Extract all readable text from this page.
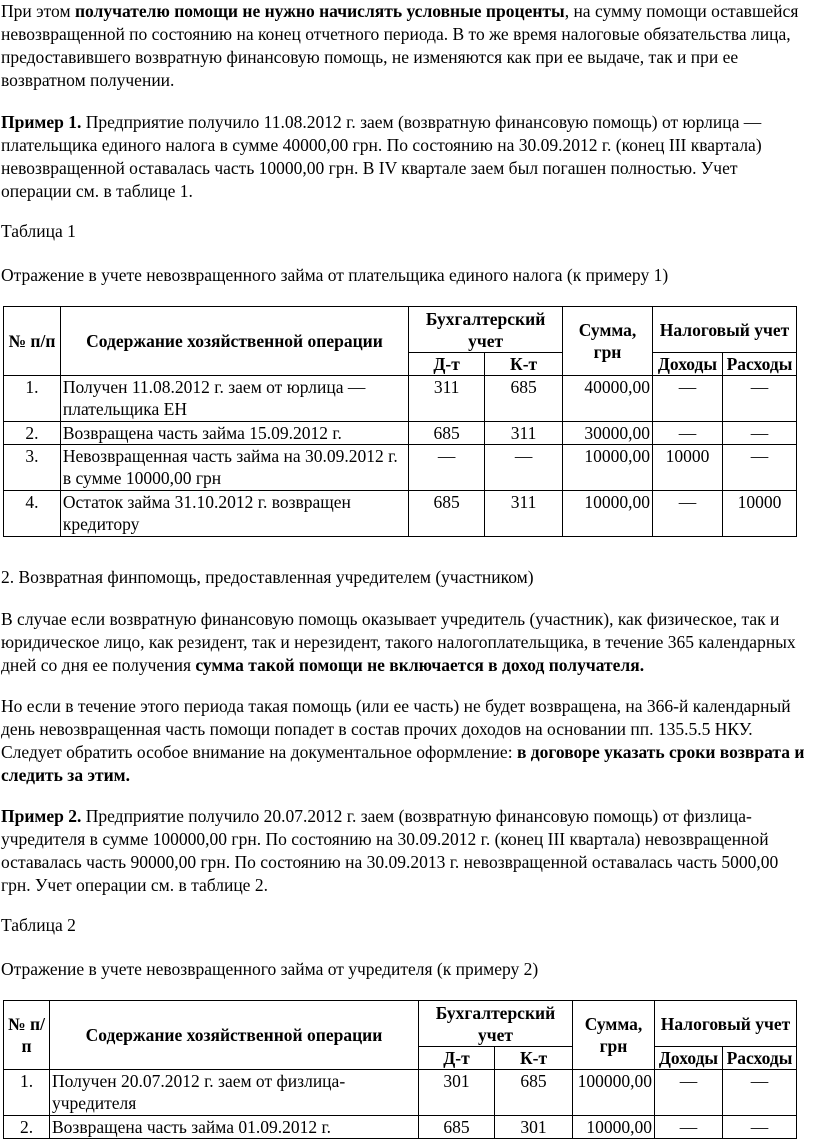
При этом получателю помощи не нужно начислять условные проценты, на сумму помощи оставшейся невозвращенной по состоянию на конец отчетного периода. В то же время налоговые обязательства лица, предоставившего возвратную финансовую помощь, не изменяются как при ее выдаче, так и при ее возвратном получении.

Пример 1. Предприятие получило 11.08.2012 г. заем (возвратную финансовую помощь) от юрлица — плательщика единого налога в сумме 40000,00 грн. По состоянию на 30.09.2012 г. (конец III квартала) невозвращенной оставалась часть 10000,00 грн. В IV квартале заем был погашен полностью. Учет операции см. в таблице 1.

Таблица 1

Отражение в учете невозвращенного займа от плательщика единого налога (к примеру 1)

№ п/п	Содержание хозяйственной операции	Бухгалтерский учет		Сумма, грн	Налоговый учет	
		Д-т	К-т		Доходы	Расходы
1.	Получен 11.08.2012 г. заем от юрлица — плательщика ЕН	311	685	40000,00	—	—
2.	Возвращена часть займа 15.09.2012 г.	685	311	30000,00	—	—
3.	Невозвращенная часть займа на 30.09.2012 г. в сумме 10000,00 грн	—	—	10000,00	10000	—
4.	Остаток займа 31.10.2012 г. возвращен кредитору	685	311	10000,00	—	10000

2. Возвратная финпомощь, предоставленная учредителем (участником)

В случае если возвратную финансовую помощь оказывает учредитель (участник), как физическое, так и юридическое лицо, как резидент, так и нерезидент, такого налогоплательщика, в течение 365 календарных дней со дня ее получения сумма такой помощи не включается в доход получателя.

Но если в течение этого периода такая помощь (или ее часть) не будет возвращена, на 366-й календарный день невозвращенная часть помощи попадет в состав прочих доходов на основании пп. 135.5.5 НКУ. Следует обратить особое внимание на документальное оформление: в договоре указать сроки возврата и следить за этим.

Пример 2. Предприятие получило 20.07.2012 г. заем (возвратную финансовую помощь) от физлица-учредителя в сумме 100000,00 грн. По состоянию на 30.09.2012 г. (конец III квартала) невозвращенной оставалась часть 90000,00 грн. По состоянию на 30.09.2013 г. невозвращенной оставалась часть 5000,00 грн. Учет операции см. в таблице 2.

Таблица 2

Отражение в учете невозвращенного займа от учредителя (к примеру 2)

№ п/п	Содержание хозяйственной операции	Бухгалтерский учет		Сумма, грн	Налоговый учет	
		Д-т	К-т		Доходы	Расходы
1.	Получен 20.07.2012 г. заем от физлица-учредителя	301	685	100000,00	—	—
2.	Возвращена часть займа 01.09.2012 г.	685	301	10000,00	—	—
